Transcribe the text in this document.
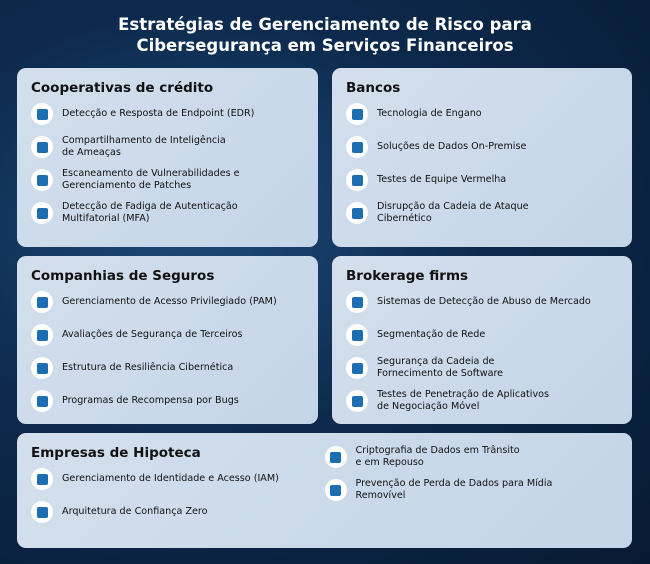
Estratégias de Gerenciamento de Risco para
Cibersegurança em Serviços Financeiros
Cooperativas de crédito
Detecção e Resposta de Endpoint (EDR)
Compartilhamento de Inteligência
de Ameaças
Escaneamento de Vulnerabilidades e
Gerenciamento de Patches
Detecção de Fadiga de Autenticação
Multifatorial (MFA)
Bancos
Tecnologia de Engano
Soluções de Dados On-Premise
Testes de Equipe Vermelha
Disrupção da Cadeia de Ataque
Cibernético
Companhias de Seguros
Gerenciamento de Acesso Privilegiado (PAM)
Avaliações de Segurança de Terceiros
Estrutura de Resiliência Cibernética
Programas de Recompensa por Bugs
Brokerage firms
Sistemas de Detecção de Abuso de Mercado
Segmentação de Rede
Segurança da Cadeia de
Fornecimento de Software
Testes de Penetração de Aplicativos
de Negociação Móvel
Empresas de Hipoteca
Gerenciamento de Identidade e Acesso (IAM)
Arquitetura de Confiança Zero
Criptografia de Dados em Trânsito
e em Repouso
Prevenção de Perda de Dados para Mídia
Removível
